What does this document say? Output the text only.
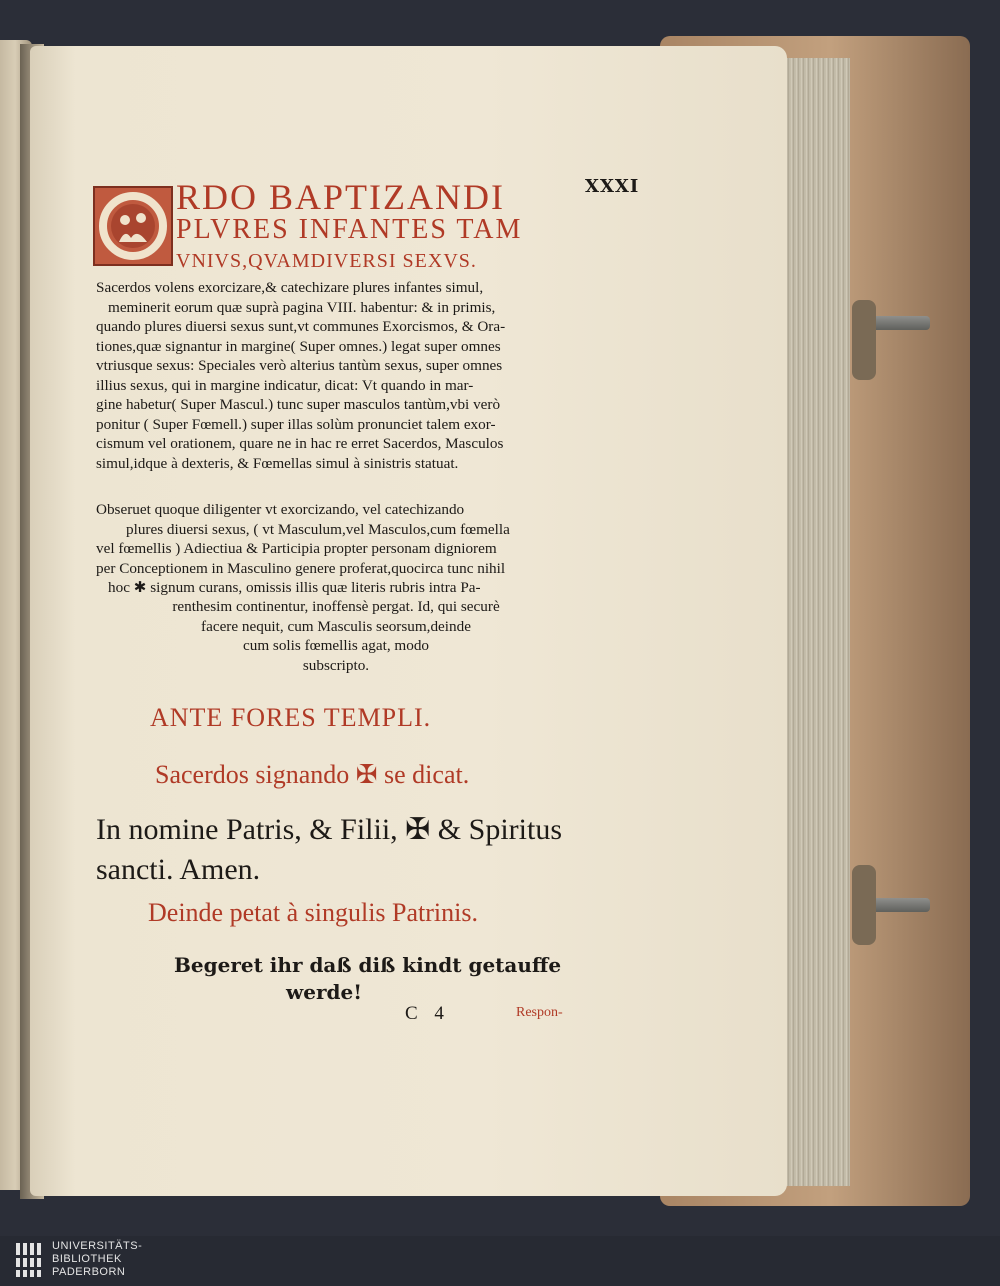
XXXI
RDO BAPTIZANDI
PLVRES INFANTES TAM
VNIVS,QVAMDIVERSI SEXVS.
Sacerdos volens exorcizare,& catechizare plures infantes simul,
meminerit eorum quæ suprà pagina VIII. habentur: & in primis,
quando plures diuersi sexus sunt,vt communes Exorcismos, & Ora-
tiones,quæ signantur in margine( Super omnes.) legat super omnes
vtriusque sexus: Speciales verò alterius tantùm sexus, super omnes
illius sexus, qui in margine indicatur, dicat: Vt quando in mar-
gine habetur( Super Mascul.) tunc super masculos tantùm,vbi verò
ponitur ( Super Fœmell.) super illas solùm pronunciet talem exor-
cismum vel orationem, quare ne in hac re erret Sacerdos, Masculos
simul,idque à dexteris, & Fœmellas simul à sinistris statuat.
Obseruet quoque diligenter vt exorcizando, vel catechizando
plures diuersi sexus, ( vt Masculum,vel Masculos,cum fœmella
vel fœmellis ) Adiectiua & Participia propter personam digniorem
per Conceptionem in Masculino genere proferat,quocirca tunc nihil
hoc ✱ signum curans, omissis illis quæ literis rubris intra Pa-
renthesim continentur, inoffensè pergat. Id, qui securè
facere nequit, cum Masculis seorsum,deinde
cum solis fœmellis agat, modo
subscripto.
ANTE FORES TEMPLI.
Sacerdos signando ✠ se dicat.
In nomine Patris, & Filii, ✠ & Spiritus
sancti. Amen.
Deinde petat à singulis Patrinis.
Begeret ihr daß diß kindt getauffe
werde!
C 4	Respon-
UNIVERSITÄTS-
BIBLIOTHEK
PADERBORN
